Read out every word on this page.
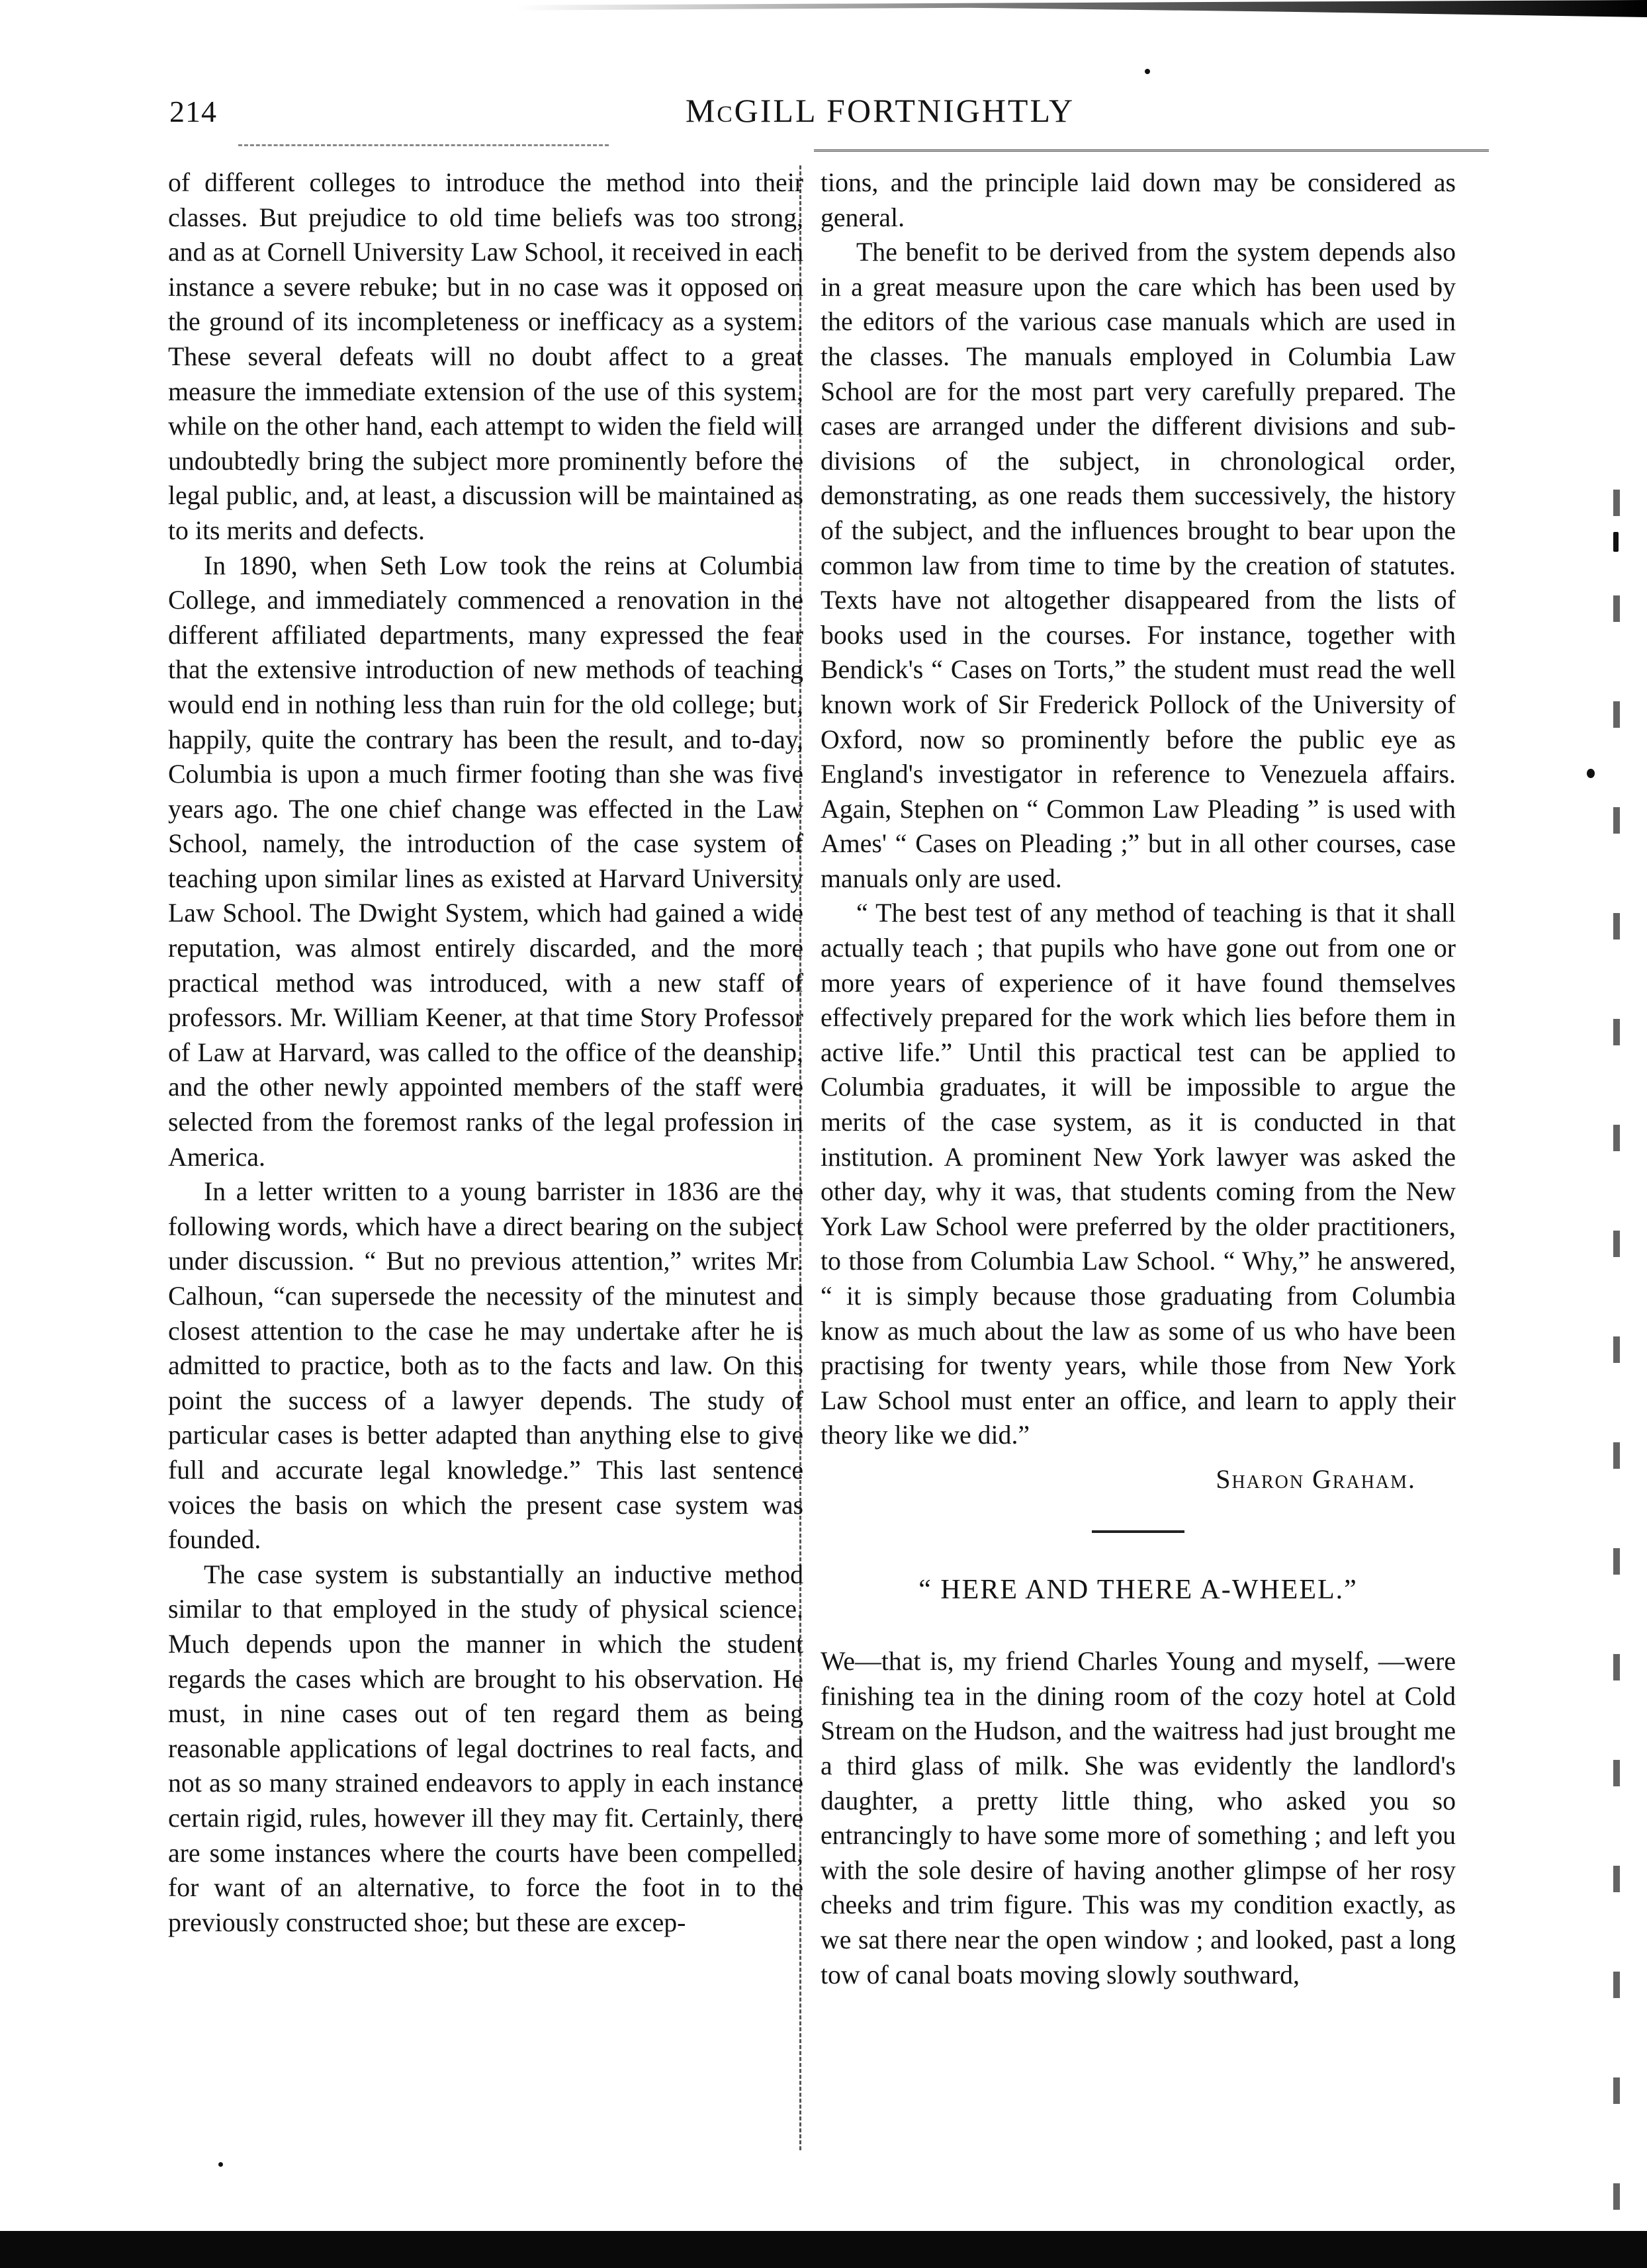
214	McGILL FORTNIGHTLY

of different colleges to introduce the method into their classes. But prejudice to old time beliefs was too strong, and as at Cornell University Law School, it received in each instance a severe rebuke; but in no case was it opposed on the ground of its incompleteness or inefficacy as a system. These several defeats will no doubt affect to a great measure the immediate extension of the use of this system, while on the other hand, each attempt to widen the field will undoubtedly bring the subject more prominently before the legal public, and, at least, a discussion will be maintained as to its merits and defects.

In 1890, when Seth Low took the reins at Columbia College, and immediately commenced a renovation in the different affiliated departments, many expressed the fear that the extensive introduction of new methods of teaching would end in nothing less than ruin for the old college; but, happily, quite the contrary has been the result, and to-day, Columbia is upon a much firmer footing than she was five years ago. The one chief change was effected in the Law School, namely, the introduction of the case system of teaching upon similar lines as existed at Harvard University Law School. The Dwight System, which had gained a wide reputation, was almost entirely discarded, and the more practical method was introduced, with a new staff of professors. Mr. William Keener, at that time Story Professor of Law at Harvard, was called to the office of the deanship, and the other newly appointed members of the staff were selected from the foremost ranks of the legal profession in America.

In a letter written to a young barrister in 1836 are the following words, which have a direct bearing on the subject under discussion. “ But no previous attention,” writes Mr. Calhoun, “can supersede the necessity of the minutest and closest attention to the case he may undertake after he is admitted to practice, both as to the facts and law. On this point the success of a lawyer depends. The study of particular cases is better adapted than anything else to give full and accurate legal knowledge.” This last sentence voices the basis on which the present case system was founded.

The case system is substantially an inductive method similar to that employed in the study of physical science. Much depends upon the manner in which the student regards the cases which are brought to his observation. He must, in nine cases out of ten regard them as being reasonable applications of legal doctrines to real facts, and not as so many strained endeavors to apply in each instance certain rigid, rules, however ill they may fit. Certainly, there are some instances where the courts have been compelled, for want of an alternative, to force the foot in to the previously constructed shoe; but these are excep-

tions, and the principle laid down may be considered as general.

The benefit to be derived from the system depends also in a great measure upon the care which has been used by the editors of the various case manuals which are used in the classes. The manuals employed in Columbia Law School are for the most part very carefully prepared. The cases are arranged under the different divisions and sub-divisions of the subject, in chronological order, demonstrating, as one reads them successively, the history of the subject, and the influences brought to bear upon the common law from time to time by the creation of statutes. Texts have not altogether disappeared from the lists of books used in the courses. For instance, together with Bendick's “ Cases on Torts,” the student must read the well known work of Sir Frederick Pollock of the University of Oxford, now so prominently before the public eye as England's investigator in reference to Venezuela affairs. Again, Stephen on “ Common Law Pleading ” is used with Ames' “ Cases on Pleading ;” but in all other courses, case manuals only are used.

“ The best test of any method of teaching is that it shall actually teach ; that pupils who have gone out from one or more years of experience of it have found themselves effectively prepared for the work which lies before them in active life.” Until this practical test can be applied to Columbia graduates, it will be impossible to argue the merits of the case system, as it is conducted in that institution. A prominent New York lawyer was asked the other day, why it was, that students coming from the New York Law School were preferred by the older practitioners, to those from Columbia Law School. “ Why,” he answered, “ it is simply because those graduating from Columbia know as much about the law as some of us who have been practising for twenty years, while those from New York Law School must enter an office, and learn to apply their theory like we did.”

Sharon Graham.

“ HERE AND THERE A-WHEEL.”

We—that is, my friend Charles Young and myself, —were finishing tea in the dining room of the cozy hotel at Cold Stream on the Hudson, and the waitress had just brought me a third glass of milk. She was evidently the landlord's daughter, a pretty little thing, who asked you so entrancingly to have some more of something ; and left you with the sole desire of having another glimpse of her rosy cheeks and trim figure. This was my condition exactly, as we sat there near the open window ; and looked, past a long tow of canal boats moving slowly southward,
